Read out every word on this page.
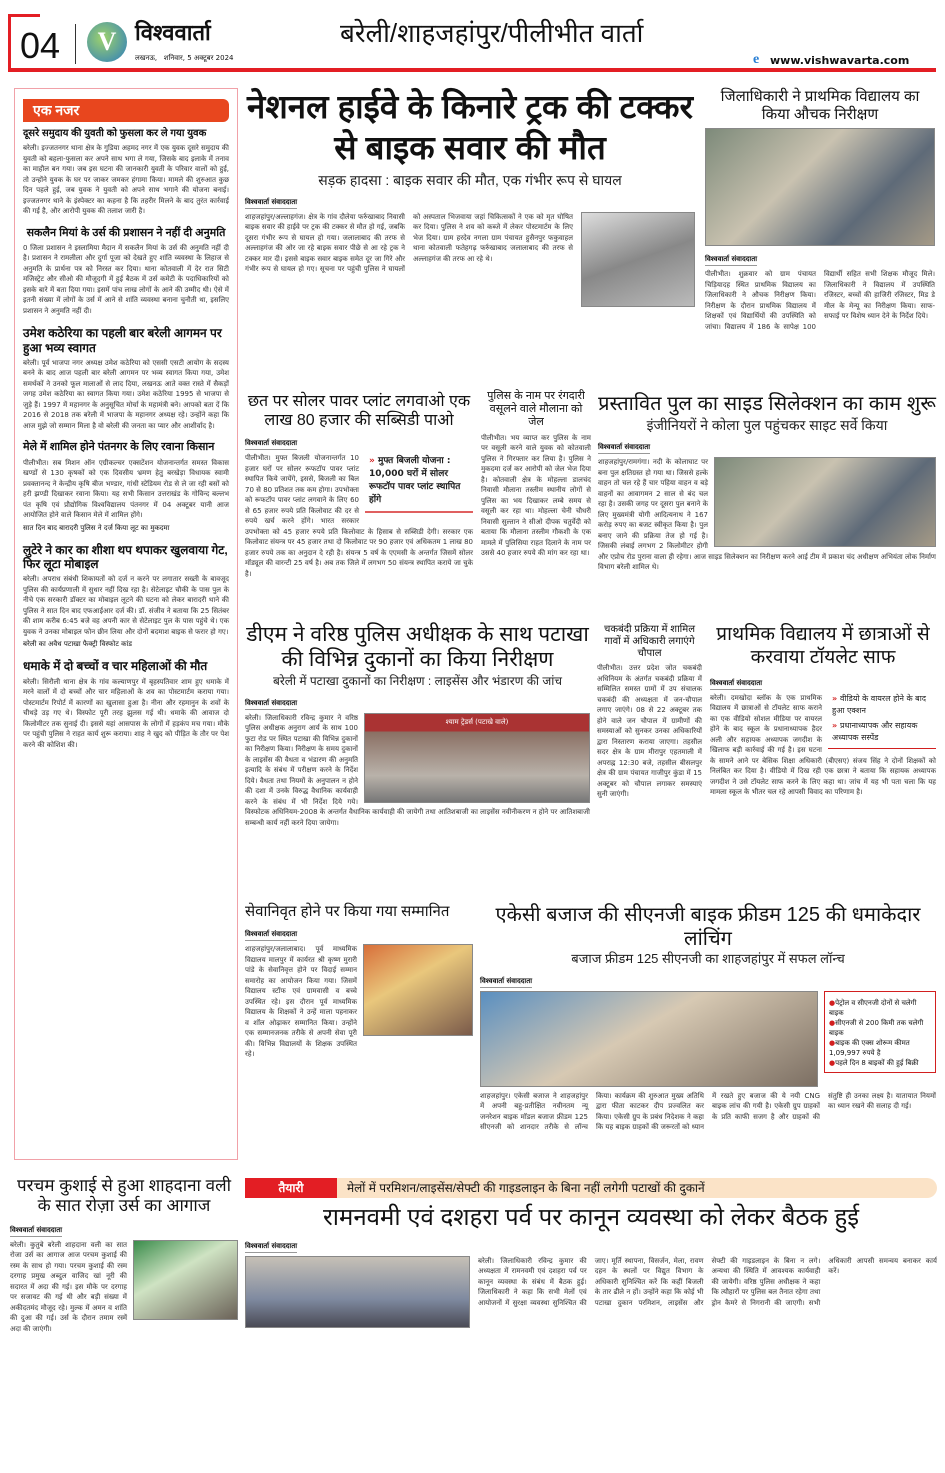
04	V विश्ववार्ता
लखनऊ,   शनिवार, 5 अक्टूबर 2024
बरेली/शाहजहांपुर/पीलीभीत वार्ता
e www.vishwavarta.com
एक नजर
दूसरे समुदाय की युवती को फुसला कर ले गया युवक
बरेली। इज्जतनगर थाना क्षेत्र के गुडिया अहमद नगर में एक युवक दूसरे समुदाय की युवती को बहला-फुसला कर अपने साथ भगा ले गया, जिसके बाद इलाके में तनाव का माहौल बन गया। जब इस घटना की जानकारी युवती के परिवार वालों को हुई, तो उन्होंने युवक के घर पर जाकर जमकर हंगामा किया। मामले की शुरुआत कुछ दिन पहले हुई, जब युवक ने युवती को अपने साथ भगाने की योजना बनाई। इज्जतनगर थाने के इंस्पेक्टर का कहना है कि तहरीर मिलने के बाद तुरंत कार्रवाई की गई है, और आरोपी युवक की तलाश जारी है।
सकलैन मियां के उर्स की प्रशासन ने नहीं दी अनुमति
0 जिला प्रशासन ने इस्लामिया मैदान में सकलैन मियां के उर्स की अनुमति नहीं दी है। प्रशासन ने रामलीला और दुर्गा पूजा को देखते हुए शांति व्यवस्था के लिहाज से अनुमति के प्रार्थना पत्र को निरस्त कर दिया। थाना कोतवाली में देर रात सिटी मजिस्ट्रेट और सीओ की मौजूदगी में हुई बैठक में उर्स कमेटी के पदाधिकारियों को इसके बारे में बता दिया गया। इसमें पांच लाख लोगों के आने की उम्मीद थी। ऐसे में इतनी संख्या में लोगों के उर्स में आने से शांति व्यवस्था बनाना चुनौती था, इसलिए प्रशासन ने अनुमति नहीं दी।
उमेश कठेरिया का पहली बार बरेली आगमन पर हुआ भव्य स्वागत
बरेली। पूर्व भाजपा नगर अध्यक्ष उमेश कठेरिया को एससी एसटी आयोग के सदस्य बनने के बाद आज पहली बार बरेली आगमन पर भव्य स्वागत किया गया, उमेश समर्थकों ने उनको फूल मालाओं से लाद दिया, लखनऊ आते वक्त रास्ते में सैकड़ों जगह उमेश कठेरिया का स्वागत किया गया। उमेश कठेरिया 1995 से भाजपा से जुड़े हैं। 1997 में महानगर के अनुसूचित मोर्चा के महामंत्री बने। आपको बता दें कि 2016 से 2018 तक बरेली में भाजपा के महानगर अध्यक्ष रहे। उन्होंने कहा कि आज मुझे जो सम्मान मिला है वो बरेली की जनता का प्यार और आशीर्वाद है।
मेले में शामिल होने पंतनगर के लिए रवाना किसान
पीलीभीत। सब मिशन ऑन एग्रीकल्चर एक्सटेंशन योजनान्तर्गत समस्त विकास खण्डों से 130 कृषकों को एक दिवसीय भ्रमण हेतु बरखेड़ा विधायक स्वामी प्रवक्तानन्द ने केन्द्रीय कृषि बीज भण्डार, गांधी स्टेडियम रोड से ले जा रही बसों को हरी झण्डी दिखाकर रवाना किया। यह सभी किसान उत्तराखंड के गोविन्द बल्लभ पंत कृषि एवं प्रौद्योगिक विश्वविद्यालय पंतनगर में 04 अक्टूबर यानी आज आयोजित होने वाले किसान मेले में शामिल होंगे।
सात दिन बाद बारादरी पुलिस ने दर्ज किया लूट का मुकदमा
लुटेरे ने कार का शीशा थप थपाकर खुलवाया गेट, फिर लूटा मोबाइल
बरेली। अपराध संबंधी शिकायतों को दर्ज न करने पर लगातार सख्ती के बावजूद पुलिस की कार्यप्रणाली में सुधार नहीं दिख रहा है। सेटेलाइट चौकी के पास पुल के नीचे एक सरकारी डॉक्टर का मोबाइल लूटने की घटना को लेकर बारादरी थाने की पुलिस ने सात दिन बाद एफआईआर दर्ज की। डॉ. संजीव ने बताया कि 25 सितंबर की शाम करीब 6:45 बजे वह अपनी कार से सेटेलाइट पुल के पास पहुंचे थे। एक युवक ने उनका मोबाइल फोन छीन लिया और दोनों बदमाश बाइक से फरार हो गए।
बरेली का अवैध पटाखा फैक्ट्री विस्फोट कांड
धमाके में दो बच्चों व चार महिलाओं की मौत
बरेली। सिरौली थाना क्षेत्र के गांव कल्याणपुर में बृहस्पतिवार शाम हुए धमाके में मरने वालों में दो बच्चों और चार महिलाओं के शव का पोस्टमार्टम कराया गया। पोस्टमार्टम रिपोर्ट में कारणों का खुलासा हुआ है। नीना और रहमानुन के शवों के चीथड़े उड़ गए थे। विस्फोट पूरी तरह झुलस गई थी। धमाके की आवाज दो किलोमीटर तक सुनाई दी। इससे यहां आसपास के लोगों में हड़कंप मच गया। मौके पर पहुंची पुलिस ने राहत कार्य शुरू कराया। शाह ने खुद को पीड़ित के तौर पर पेश करने की कोशिश की।
नेशनल हाईवे के किनारे ट्रक की टक्कर से बाइक सवार की मौत
सड़क हादसा : बाइक सवार की मौत, एक गंभीर रूप से घायल
विश्ववार्ता संवाददाता
शाहजहांपुर/अल्लाहगंज। क्षेत्र के गांव दौलेया फर्रुखाबाद निवासी बाइक सवार की हाईवे पर ट्रक की टक्कर से मौत हो गई, जबकि दूसरा गंभीर रूप से घायल हो गया। जलालाबाद की तरफ से अल्लाहगंज की ओर जा रहे बाइक सवार पीछे से आ रहे ट्रक ने टक्कर मार दी। इससे बाइक सवार बाइक समेत दूर जा गिरे और गंभीर रूप से घायल हो गए। सूचना पर पहुंची पुलिस ने घायलों को अस्पताल भिजवाया जहां चिकित्सकों ने एक को मृत घोषित कर दिया। पुलिस ने शव को कब्जे में लेकर पोस्टमार्टम के लिए भेज दिया। ग्राम हरदेव नगला ग्राम पंचायत हुसैनपुर फकुवाहल थाना कोतवाली फतेहगढ़ फर्रुखाबाद जलालाबाद की तरफ से अल्लाहगंज की तरफ आ रहे थे।
जिलाधिकारी ने प्राथमिक विद्यालय का किया औचक निरीक्षण
विश्ववार्ता संवाददाता
पीलीभीत। शुक्रवार को ग्राम पंचायत चिड़ियादह स्थित प्राथमिक विद्यालय का जिलाधिकारी ने औचक निरीक्षण किया। निरीक्षण के दौरान प्राथमिक विद्यालय में शिक्षकों एवं विद्यार्थियों की उपस्थिति को जांचा। विद्यालय में 186 के सापेक्ष 100 विद्यार्थी सहित सभी शिक्षक मौजूद मिले। जिलाधिकारी ने विद्यालय में उपस्थिति रजिस्टर, बच्चों की हाजिरी रजिस्टर, मिड डे मील के मेन्यू का निरीक्षण किया। साफ-सफाई पर विशेष ध्यान देने के निर्देश दिये।
छत पर सोलर पावर प्लांट लगवाओ एक लाख 80 हजार की सब्सिडी पाओ
विश्ववार्ता संवाददाता
» मुफ्त बिजली योजना : 10,000 घरों में सोलर रूफटॉप पावर प्लांट स्थापित होंगे
पीलीभीत। मुफ्त बिजली योजनान्तर्गत 10 हजार घरों पर सोलर रूफटॉप पावर प्लांट स्थापित किये जायेंगे, इससे, बिजली का बिल 70 से 80 प्रतिशत तक कम होगा। उपभोक्ता को रूफटॉप पावर प्लांट लगवाने के लिए 60 से 65 हजार रुपये प्रति किलोवाट की दर से रुपये खर्च करने होंगे। भारत सरकार उपभोक्ता को 45 हजार रुपये प्रति किलोवाट के हिसाब से सब्सिडी देगी। सरकार एक किलोवाट संयन्त्र पर 45 हजार तथा दो किलोवाट पर 90 हजार एवं अधिकतम 1 लाख 80 हजार रुपये तक का अनुदान दे रही है। संयन्त्र 5 वर्ष के एएमसी के अन्तर्गत जिसमें सोलर मॉड्यूल की वारन्टी 25 वर्ष है। अब तक जिले में लगभग 50 संयन्त्र स्थापित कराये जा चुके है।
पुलिस के नाम पर रंगदारी वसूलने वाले मौलाना को जेल
पीलीभीत। भय व्याप्त कर पुलिस के नाम पर वसूली करने वाले युवक को कोतवाली पुलिस ने गिरफ्तार कर लिया है। पुलिस ने मुकदमा दर्ज कर आरोपी को जेल भेज दिया है। कोतवाली क्षेत्र के मोहल्ला डालचंद निवासी मौलाना तस्लीम स्थानीय लोगों से पुलिस का भय दिखाकर लम्बे समय से वसूली कर रहा था। मोहल्ला चेनी चौधरी निवासी सुल्तान ने सीओ दीपक चतुर्वेदी को बताया कि मौलाना तस्लीम गौकशी के एक मामले में पुलिसिया राहत दिलाने के नाम पर उससे 40 हजार रुपये की मांग कर रहा था।
प्रस्तावित पुल का साइड सिलेक्शन का काम शुरू
इंजीनियरों ने कोला पुल पहुंचकर साइट सर्वे किया
विश्ववार्ता संवाददाता
शाहजहांपुर/रामगंगा। नदी के कोलाघाट पर बना पुल क्षतिग्रस्त हो गया था। जिससे हल्के वाहन तो चल रहे हैं चार पहिया वाहन व बड़े वाहनों का आवागमन 2 साल से बंद चल रहा है। उसकी जगह पर दूसरा पुल बनाने के लिए मुख्यमंत्री योगी आदित्यनाथ ने 167 करोड़ रुपए का बजट स्वीकृत किया है। पुल बनाए जाने की प्रक्रिया तेज हो गई है। जिसकी लंबाई लगभग 2 किलोमीटर होगी और एप्रोच रोड पुराना वाला ही रहेगा। आज साइड सिलेक्शन का निरीक्षण करने आई टीम में प्रकाश चंद अधीक्षण अभियंता लोक निर्माण विभाग बरेली शामिल थे।
डीएम ने वरिष्ठ पुलिस अधीक्षक के साथ पटाखा की विभिन्न दुकानों का किया निरीक्षण
बरेली में पटाखा दुकानों का निरीक्षण : लाइसेंस और भंडारण की जांच
विश्ववार्ता संवाददाता
श्याम ट्रेडर्स (पटाखे वाले)
बरेली। जिलाधिकारी रविन्द्र कुमार ने वरिष्ठ पुलिस अधीक्षक अनुराग आर्य के साथ 100 फुटा रोड पर स्थित पटाखा की विभिन्न दुकानों का निरीक्षण किया। निरीक्षण के समय दुकानों के लाइसेंस की वैधता व भंडारण की अनुमति इत्यादि के संबंध में परीक्षण करने के निर्देश दिये। वैधता तथा नियमों के अनुपालन न होने की दशा में उनके विरुद्ध वैधानिक कार्यवाही करने के संबंध में भी निर्देश दिये गये। विस्फोटक अधिनियम-2008 के अन्तर्गत वैधानिक कार्यवाही की जायेगी तथा आतिशबाजी का लाइसेंस नवीनीकरण न होने पर आतिशबाजी सम्बन्धी कार्य नहीं करने दिया जायेगा।
चकबंदी प्रक्रिया में शामिल गावों में अधिकारी लगाएंगे चौपाल
पीलीभीत। उत्तर प्रदेश जोत चकबंदी अधिनियम के अंतर्गत चकबंदी प्रक्रिया में सम्मिलित समस्त ग्रामों में उप संचालक चकबंदी की अध्यक्षता में जन-चौपाल लगाए जाएंगे। 08 से 22 अक्टूबर तक होने वाले जन चौपाल में ग्रामीणों की समस्याओं को सुनकर उनका अधिकारियों द्वारा निस्तारण कराया जाएगा। तहसील सदर क्षेत्र के ग्राम मीरापुर एहतमाली में अपराह्न 12:30 बजे, तहसील बीसलपुर क्षेत्र की ग्राम पंचायत गाजीपुर कुंडा में 15 अक्टूबर को चौपाल लगाकर समस्याएं सुनी जाएंगी।
प्राथमिक विद्यालय में छात्राओं से करवाया टॉयलेट साफ
विश्ववार्ता संवाददाता
» वीडियो के वायरल होने के बाद हुआ एक्शन
» प्रधानाध्यापक और सहायक अध्यापक सस्पेंड
बरेली। दमखोदा ब्लॉक के एक प्राथमिक विद्यालय में छात्राओं से टॉयलेट साफ कराने का एक वीडियो सोशल मीडिया पर वायरल होने के बाद स्कूल के प्रधानाध्यापक हैदर अली और सहायक अध्यापक जगदीश के खिलाफ बड़ी कार्रवाई की गई है। इस घटना के सामने आने पर बेसिक शिक्षा अधिकारी (बीएसए) संजय सिंह ने दोनों शिक्षकों को निलंबित कर दिया है। वीडियो में दिख रही एक छात्रा ने बताया कि सहायक अध्यापक जगदीश ने उसे टॉयलेट साफ करने के लिए कहा था। जांच में यह भी पता चला कि यह मामला स्कूल के भीतर चल रहे आपसी विवाद का परिणाम है।
सेवानिवृत होने पर किया गया सम्मानित
विश्ववार्ता संवाददाता
शाहजहांपुर/जलालाबाद। पूर्व माध्यमिक विद्यालय मालपुर में कार्यरत श्री कृष्ण मुरारी पांडे के सेवानिवृत्त होने पर विदाई सम्मान समारोह का आयोजन किया गया। जिसमें विद्यालय स्टॉफ एवं ग्रामवासी व बच्चे उपस्थित रहे। इस दौरान पूर्व माध्यमिक विद्यालय के शिक्षकों ने उन्हें माला पहनाकर व शॉल ओढ़ाकर सम्मानित किया। उन्होंने एक सम्मानजनक तरीके से अपनी सेवा पूरी की। विभिन्न विद्यालयों के शिक्षक उपस्थित रहे।
एकेसी बजाज की सीएनजी बाइक फ्रीडम 125 की धमाकेदार लांचिंग
बजाज फ्रीडम 125 सीएनजी का शाहजहांपुर में सफल लॉन्च
विश्ववार्ता संवाददाता
●पेट्रोल व सीएनजी दोनों से चलेगी बाइक
●सीएनजी से 200 किमी तक चलेगी बाइक
●बाइक की एक्स शोरूम कीमत 1,09,997 रुपये है
●पहले दिन 8 बाइकों की हुई बिक्री
शाहजहांपुर। एकेसी बजाज ने शाहजहांपुर में अपनी बहु-प्रतीक्षित नवीनतम न्यू जनरेशन बाइक मॉडल बजाज फ्रीडम 125 सीएनजी को शानदार तरीके से लॉन्च किया। कार्यक्रम की शुरुआत मुख्य अतिथि द्वारा फीता काटकर दीप प्रज्वलित कर किया। एकेसी ग्रुप के प्रबंध निदेशक ने कहा कि यह बाइक ग्राहकों की जरूरतों को ध्यान में रखते हुए बजाज की ये नयी CNG बाइक लांच की गयी है। एकेसी ग्रुप ग्राहकों के प्रति काफी सजग है और ग्राहकों की संतुष्टि ही उनका लक्ष्य है। यातायात नियमों का ध्यान रखने की सलाह दी गई।
परचम कुशाई से हुआ शाहदाना वली के सात रोज़ा उर्स का आगाज
विश्ववार्ता संवाददाता
बरेली। कुतुबे बरेली शाहदाना वली का सात रोजा उर्स का आगाज आज परचम कुशाई की रस्म के साथ हो गया। परचम कुशाई की रस्म दरगाह प्रमुख अब्दुल वाजिद खां नूरी की सदारत में अदा की गई। इस मौके पर दरगाह पर सजावट की गई थी और बड़ी संख्या में अकीदतमंद मौजूद रहे। मुल्क में अमन व शांति की दुआ की गई। उर्स के दौरान तमाम रस्में अदा की जाएंगी।
तैयारी	मेलों में परमिशन/लाइसेंस/सेफ्टी की गाइडलाइन के बिना नहीं लगेगी पटाखों की दुकानें
रामनवमी एवं दशहरा पर्व पर कानून व्यवस्था को लेकर बैठक हुई
विश्ववार्ता संवाददाता
बरेली। जिलाधिकारी रविन्द्र कुमार की अध्यक्षता में रामनवमी एवं दशहरा पर्व पर कानून व्यवस्था के संबंध में बैठक हुई। जिलाधिकारी ने कहा कि सभी मेलों एवं आयोजनों में सुरक्षा व्यवस्था सुनिश्चित की जाए। मूर्ति स्थापना, विसर्जन, मेला, रावण दहन के स्थलों पर विद्युत विभाग के अधिकारी सुनिश्चित करें कि कहीं बिजली के तार ढीले न हों। उन्होंने कहा कि कोई भी पटाखा दुकान परमिशन, लाइसेंस और सेफ्टी की गाइडलाइन के बिना न लगे। अन्यथा की स्थिति में आवश्यक कार्यवाही की जायेगी। वरिष्ठ पुलिस अधीक्षक ने कहा कि त्यौहारों पर पुलिस बल तैनात रहेगा तथा ड्रोन कैमरे से निगरानी की जाएगी। सभी अधिकारी आपसी समन्वय बनाकर कार्य करें।
